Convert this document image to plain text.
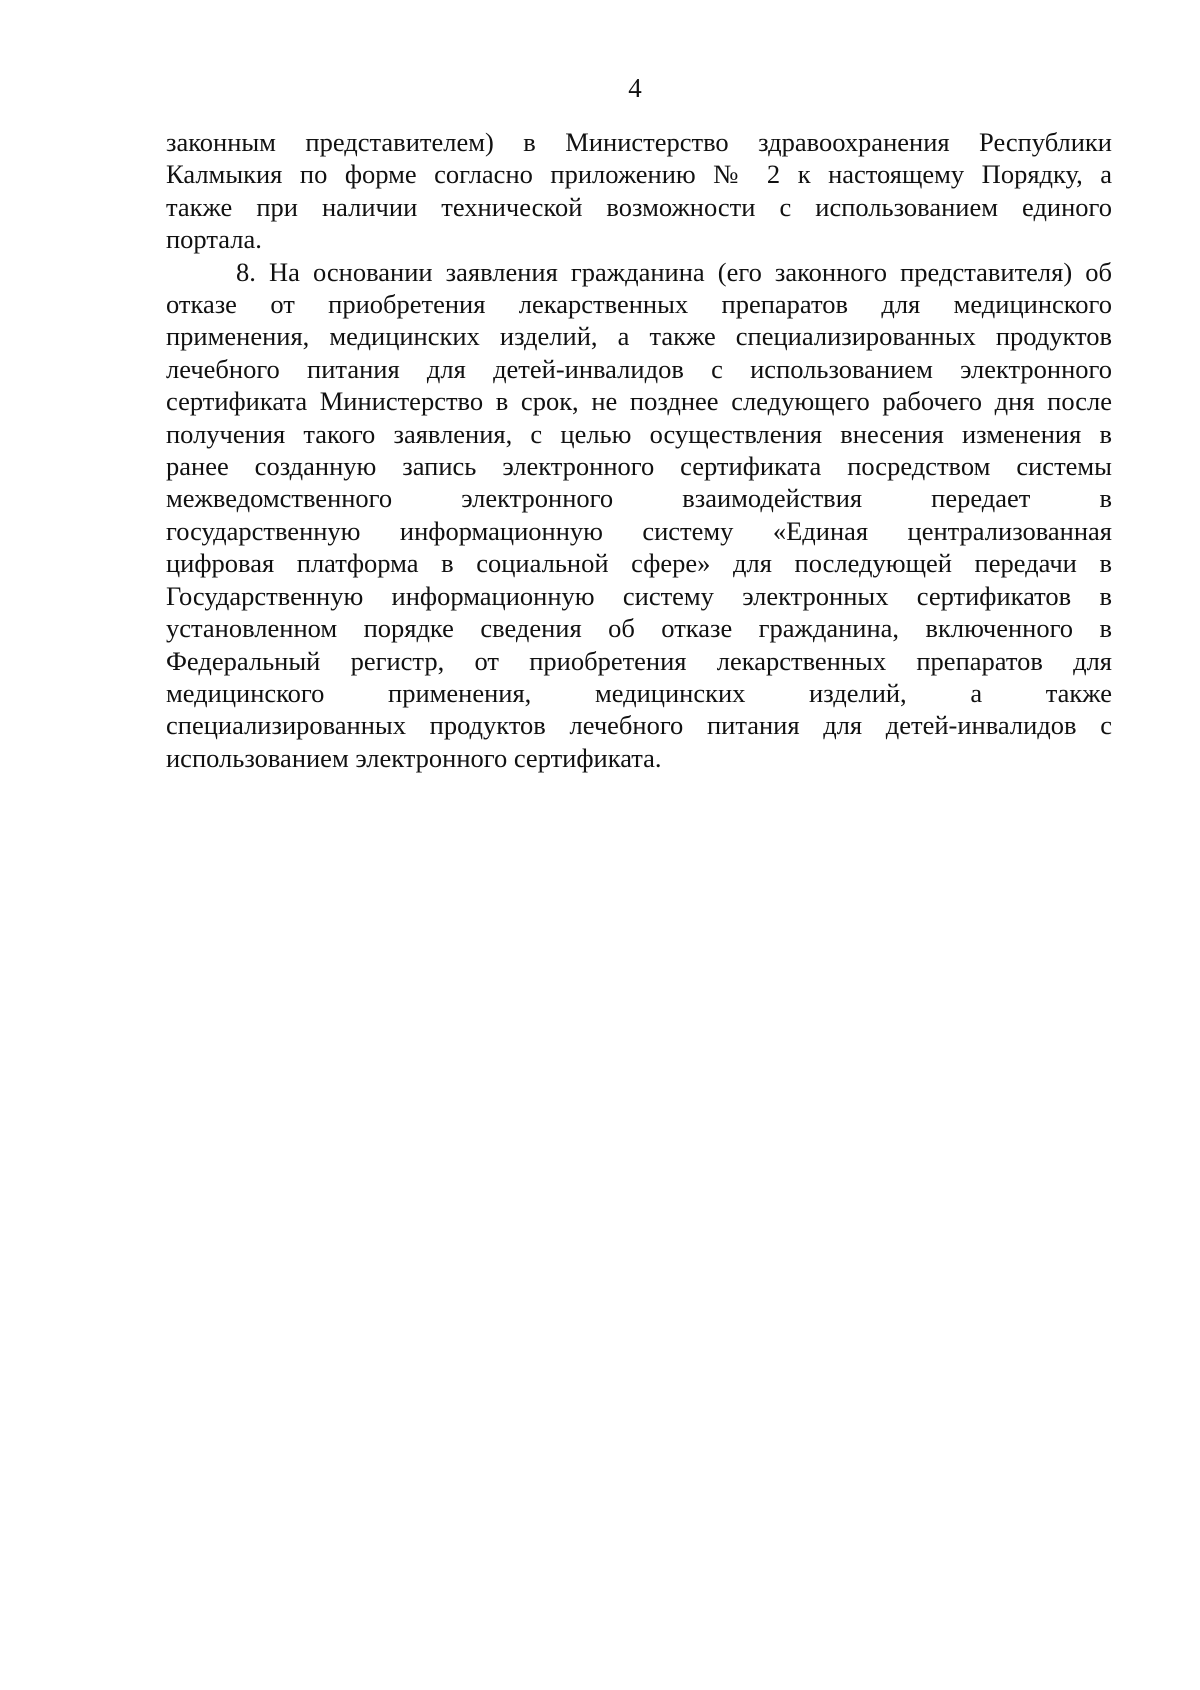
4
законным представителем) в Министерство здравоохранения Республики
Калмыкия по форме согласно приложению № 2 к настоящему Порядку, а
также при наличии технической возможности с использованием единого
портала.
8. На основании заявления гражданина (его законного представителя) об
отказе от приобретения лекарственных препаратов для медицинского
применения, медицинских изделий, а также специализированных продуктов
лечебного питания для детей-инвалидов с использованием электронного
сертификата Министерство в срок, не позднее следующего рабочего дня после
получения такого заявления, с целью осуществления внесения изменения в
ранее созданную запись электронного сертификата посредством системы
межведомственного электронного взаимодействия передает в
государственную информационную систему «Единая централизованная
цифровая платформа в социальной сфере» для последующей передачи в
Государственную информационную систему электронных сертификатов в
установленном порядке сведения об отказе гражданина, включенного в
Федеральный регистр, от приобретения лекарственных препаратов для
медицинского применения, медицинских изделий, а также
специализированных продуктов лечебного питания для детей-инвалидов с
использованием электронного сертификата.
